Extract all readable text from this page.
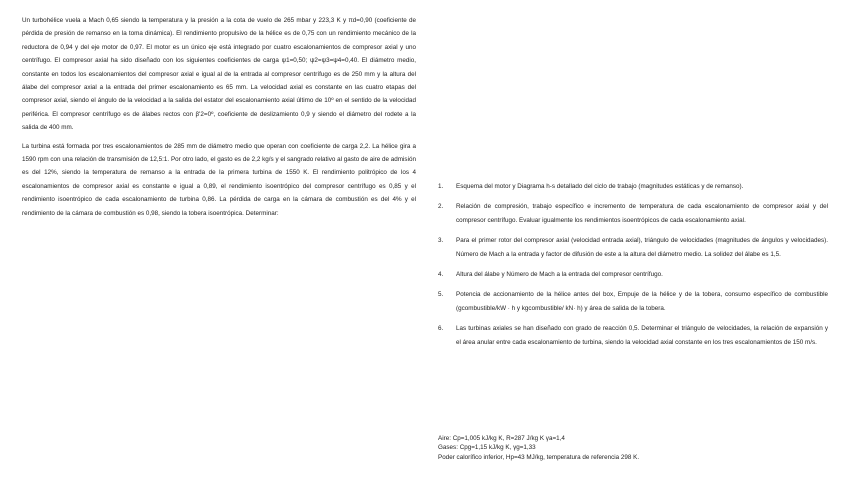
Un turbohélice vuela a Mach 0,65 siendo la temperatura y la presión a la cota de vuelo de 265 mbar y 223,3 K y πd=0,90 (coeficiente de pérdida de presión de remanso en la toma dinámica). El rendimiento propulsivo de la hélice es de 0,75 con un rendimiento mecánico de la reductora de 0,94 y del eje motor de 0,97. El motor es un único eje está integrado por cuatro escalonamientos de compresor axial y uno centrífugo. El compresor axial ha sido diseñado con los siguientes coeficientes de carga ψ1=0,50; ψ2=ψ3=ψ4=0,40. El diámetro medio, constante en todos los escalonamientos del compresor axial e igual al de la entrada al compresor centrífugo es de 250 mm y la altura del álabe del compresor axial a la entrada del primer escalonamiento es 65 mm. La velocidad axial es constante en las cuatro etapas del compresor axial, siendo el ángulo de la velocidad a la salida del estator del escalonamiento axial último de 10º en el sentido de la velocidad periférica. El compresor centrífugo es de álabes rectos con β'2=0º, coeficiente de deslizamiento 0,9 y siendo el diámetro del rodete a la salida de 400 mm.

La turbina está formada por tres escalonamientos de 285 mm de diámetro medio que operan con coeficiente de carga 2,2. La hélice gira a 1590 rpm con una relación de transmisión de 12,5:1. Por otro lado, el gasto es de 2,2 kg/s y el sangrado relativo al gasto de aire de admisión es del 12%, siendo la temperatura de remanso a la entrada de la primera turbina de 1550 K. El rendimiento politrópico de los 4 escalonamientos de compresor axial es constante e igual a 0,89, el rendimiento isoentrópico del compresor centrífugo es 0,85 y el rendimiento isoentrópico de cada escalonamiento de turbina 0,86. La pérdida de carga en la cámara de combustión es del 4% y el rendimiento de la cámara de combustión es 0,98, siendo la tobera isoentrópica. Determinar:

1.	Esquema del motor y Diagrama h-s detallado del ciclo de trabajo (magnitudes estáticas y de remanso).
2.	Relación de compresión, trabajo específico e incremento de temperatura de cada escalonamiento de compresor axial y del compresor centrífugo. Evaluar igualmente los rendimientos isoentrópicos de cada escalonamiento axial.
3.	Para el primer rotor del compresor axial (velocidad entrada axial), triángulo de velocidades (magnitudes de ángulos y velocidades). Número de Mach a la entrada y factor de difusión de este a la altura del diámetro medio. La solidez del álabe es 1,5.
4.	Altura del álabe y Número de Mach a la entrada del compresor centrífugo.
5.	Potencia de accionamiento de la hélice antes del box, Empuje de la hélice y de la tobera, consumo específico de combustible (gcombustible/kW · h y kgcombustible/ kN· h) y área de salida de la tobera.
6.	Las turbinas axiales se han diseñado con grado de reacción 0,5. Determinar el triángulo de velocidades, la relación de expansión y el área anular entre cada escalonamiento de turbina, siendo la velocidad axial constante en los tres escalonamientos de 150 m/s.
Aire: Cp=1,005 kJ/kg K, R=287 J/kg K γa=1,4
Gases: Cpg=1,15 kJ/kg K, γg=1,33
Poder calorífico inferior, Hp=43 MJ/kg, temperatura de referencia 298 K.
